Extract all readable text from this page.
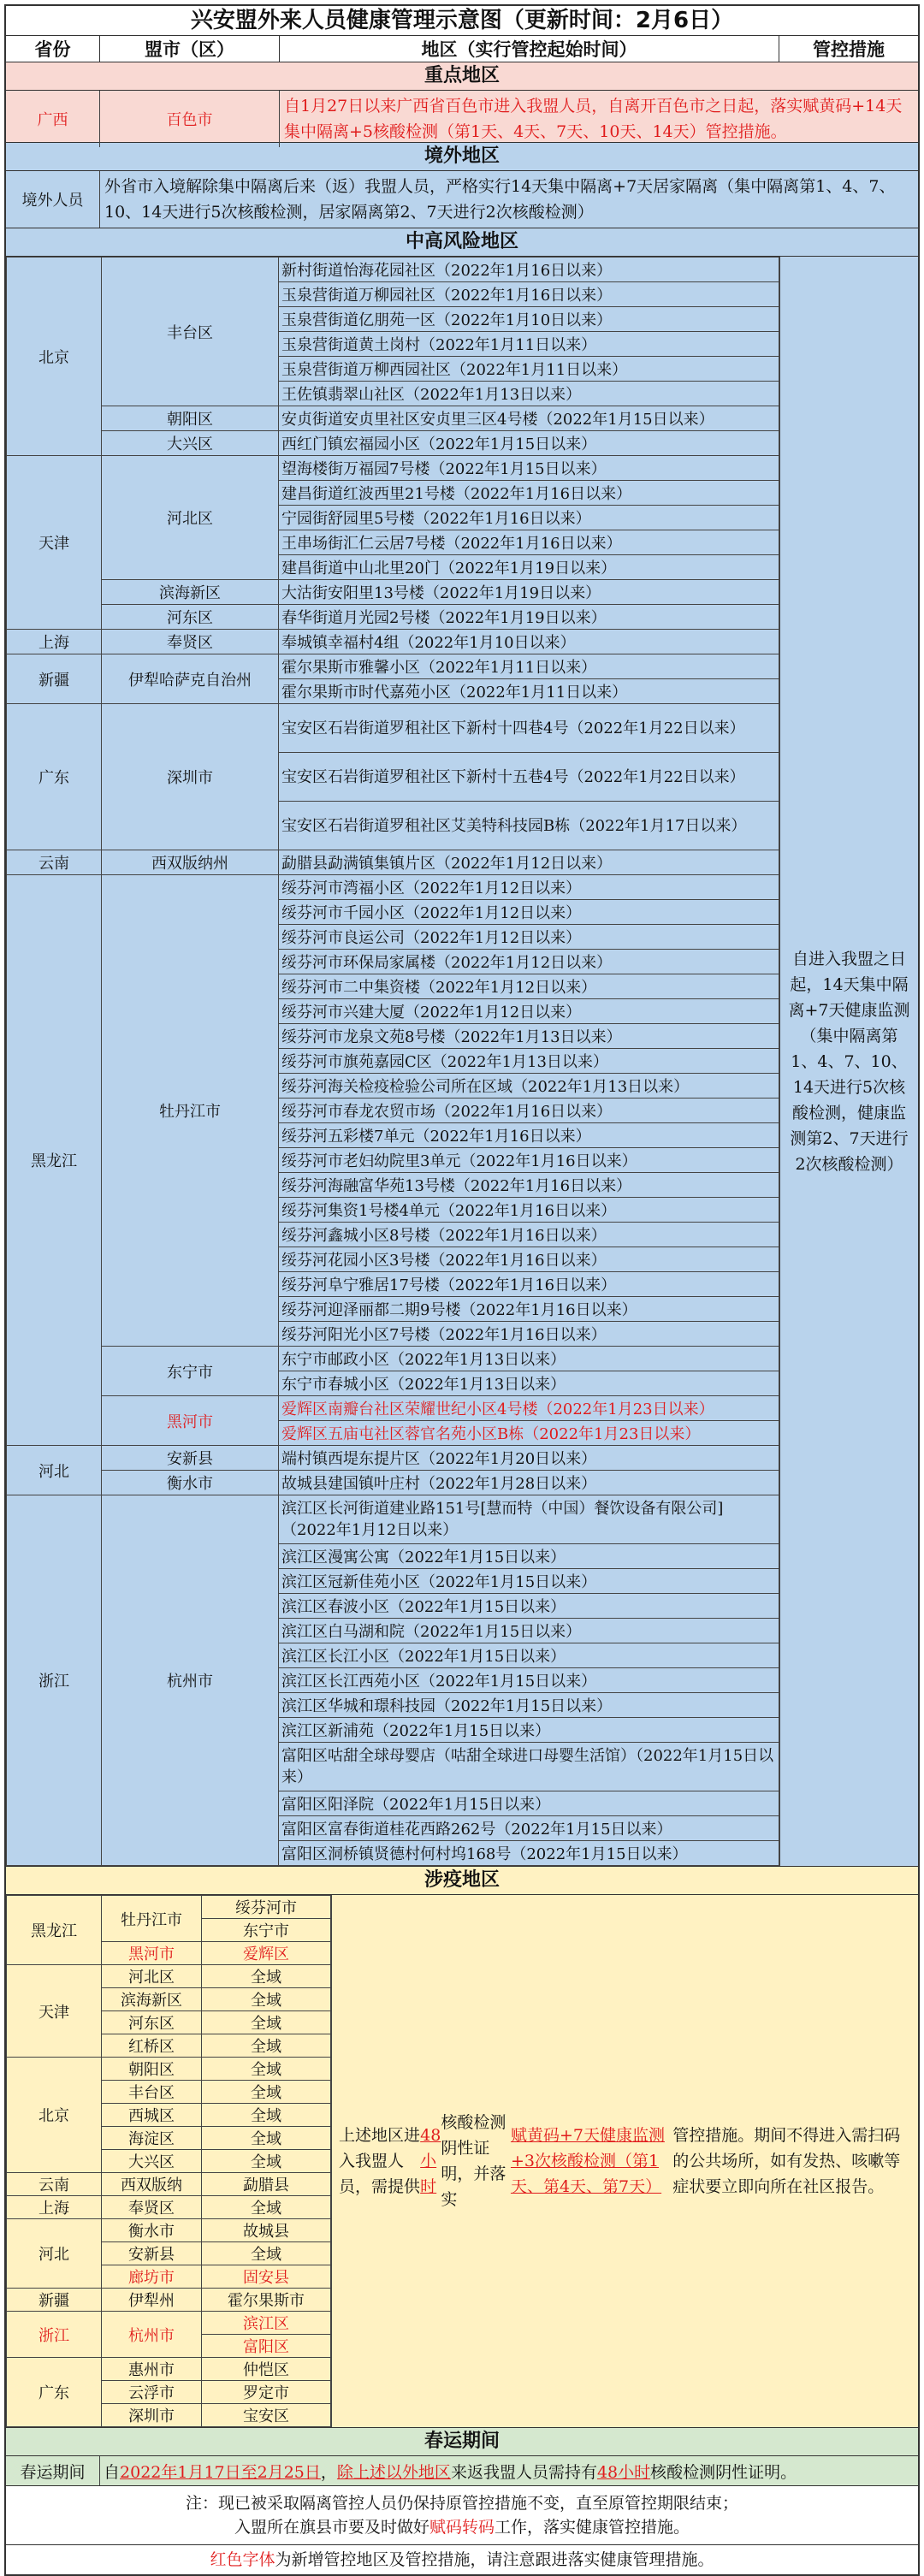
兴安盟外来人员健康管理示意图（更新时间：2月6日）
省份	盟市（区）	地区（实行管控起始时间）	管控措施
重点地区
广西	百色市
自1月27日以来广西省百色市进入我盟人员，自离开百色市之日起，落实赋黄码+14天集中隔离+5核酸检测（第1天、4天、7天、10天、14天）管控措施。
境外地区
境外人员
外省市入境解除集中隔离后来（返）我盟人员，严格实行14天集中隔离+7天居家隔离（集中隔离第1、4、7、10、14天进行5次核酸检测，居家隔离第2、7天进行2次核酸检测）
中高风险地区
北京	丰台区	新村街道怡海花园社区（2022年1月16日以来）
		玉泉营街道万柳园社区（2022年1月16日以来）
		玉泉营街道亿朋苑一区（2022年1月10日以来）
		玉泉营街道黄土岗村（2022年1月11日以来）
		玉泉营街道万柳西园社区（2022年1月11日以来）
		王佐镇翡翠山社区（2022年1月13日以来）
	朝阳区	安贞街道安贞里社区安贞里三区4号楼（2022年1月15日以来）
	大兴区	西红门镇宏福园小区（2022年1月15日以来）
天津	河北区	望海楼街万福园7号楼（2022年1月15日以来）
		建昌街道红波西里21号楼（2022年1月16日以来）
		宁园街舒园里5号楼（2022年1月16日以来）
		王串场街汇仁云居7号楼（2022年1月16日以来）
		建昌街道中山北里20门（2022年1月19日以来）
	滨海新区	大沽街安阳里13号楼（2022年1月19日以来）
	河东区	春华街道月光园2号楼（2022年1月19日以来）
上海	奉贤区	奉城镇幸福村4组（2022年1月10日以来）
新疆	伊犁哈萨克自治州	霍尔果斯市雅馨小区（2022年1月11日以来）
		霍尔果斯市时代嘉苑小区（2022年1月11日以来）
广东	深圳市	宝安区石岩街道罗租社区下新村十四巷4号（2022年1月22日以来）
		宝安区石岩街道罗租社区下新村十五巷4号（2022年1月22日以来）
		宝安区石岩街道罗租社区艾美特科技园B栋（2022年1月17日以来）
云南	西双版纳州	勐腊县勐满镇集镇片区（2022年1月12日以来）
黑龙江	牡丹江市	绥芬河市湾福小区（2022年1月12日以来）
		绥芬河市千园小区（2022年1月12日以来）
		绥芬河市良运公司（2022年1月12日以来）
		绥芬河市环保局家属楼（2022年1月12日以来）
		绥芬河市二中集资楼（2022年1月12日以来）
		绥芬河市兴建大厦（2022年1月12日以来）
		绥芬河市龙泉文苑8号楼（2022年1月13日以来）
		绥芬河市旗苑嘉园C区（2022年1月13日以来）
		绥芬河海关检疫检验公司所在区域（2022年1月13日以来）
		绥芬河市春龙农贸市场（2022年1月16日以来）
		绥芬河五彩楼7单元（2022年1月16日以来）
		绥芬河市老妇幼院里3单元（2022年1月16日以来）
		绥芬河海融富华苑13号楼（2022年1月16日以来）
		绥芬河集资1号楼4单元（2022年1月16日以来）
		绥芬河鑫城小区8号楼（2022年1月16日以来）
		绥芬河花园小区3号楼（2022年1月16日以来）
		绥芬河阜宁雅居17号楼（2022年1月16日以来）
		绥芬河迎泽丽都二期9号楼（2022年1月16日以来）
		绥芬河阳光小区7号楼（2022年1月16日以来）
	东宁市	东宁市邮政小区（2022年1月13日以来）
		东宁市春城小区（2022年1月13日以来）
	黑河市	爱辉区南瓣台社区荣耀世纪小区4号楼（2022年1月23日以来）
		爱辉区五庙屯社区蓉官名苑小区B栋（2022年1月23日以来）
河北	安新县	端村镇西堤东提片区（2022年1月20日以来）
	衡水市	故城县建国镇叶庄村（2022年1月28日以来）
浙江	杭州市	滨江区长河街道建业路151号[慧而特（中国）餐饮设备有限公司]（2022年1月12日以来）
		滨江区漫寓公寓（2022年1月15日以来）
		滨江区冠新佳苑小区（2022年1月15日以来）
		滨江区春波小区（2022年1月15日以来）
		滨江区白马湖和院（2022年1月15日以来）
		滨江区长江小区（2022年1月15日以来）
		滨江区长江西苑小区（2022年1月15日以来）
		滨江区华城和璟科技园（2022年1月15日以来）
		滨江区新浦苑（2022年1月15日以来）
		富阳区咕甜全球母婴店（咕甜全球进口母婴生活馆）（2022年1月15日以来）
		富阳区阳泽院（2022年1月15日以来）
		富阳区富春街道桂花西路262号（2022年1月15日以来）
		富阳区洞桥镇贤德村何村坞168号（2022年1月15日以来）
自进入我盟之日起，14天集中隔离+7天健康监测（集中隔离第1、4、7、10、14天进行5次核酸检测，健康监测第2、7天进行2次核酸检测）
涉疫地区
黑龙江	牡丹江市	绥芬河市
		东宁市
	黑河市	爱辉区
天津	河北区	全域
	滨海新区	全域
	河东区	全域
	红桥区	全域
北京	朝阳区	全域
	丰台区	全域
	西城区	全域
	海淀区	全域
	大兴区	全域
云南	西双版纳	勐腊县
上海	奉贤区	全域
河北	衡水市	故城县
	安新县	全域
	廊坊市	固安县
新疆	伊犁州	霍尔果斯市
浙江	杭州市	滨江区
		富阳区
广东	惠州市	仲恺区
	云浮市	罗定市
	深圳市	宝安区
上述地区进入我盟人员，需提供
48小时
核酸检测阴性证明，并落实
赋黄码+7天健康监测+3次核酸检测（第1天、第4天、第7天）
管控措施。期间不得进入需扫码的公共场所，如有发热、咳嗽等症状要立即向所在社区报告。
春运期间
春运期间	自 2022年1月17日至2月25日 ， 除上述以外地区 来返我盟人员需持有 48小时 核酸检测阴性证明。
注：现已被采取隔离管控人员仍保持原管控措施不变，直至原管控期限结束；
入盟所在旗县市要及时做好赋码转码工作，落实健康管控措施。
红色字体为新增管控地区及管控措施，请注意跟进落实健康管理措施。
